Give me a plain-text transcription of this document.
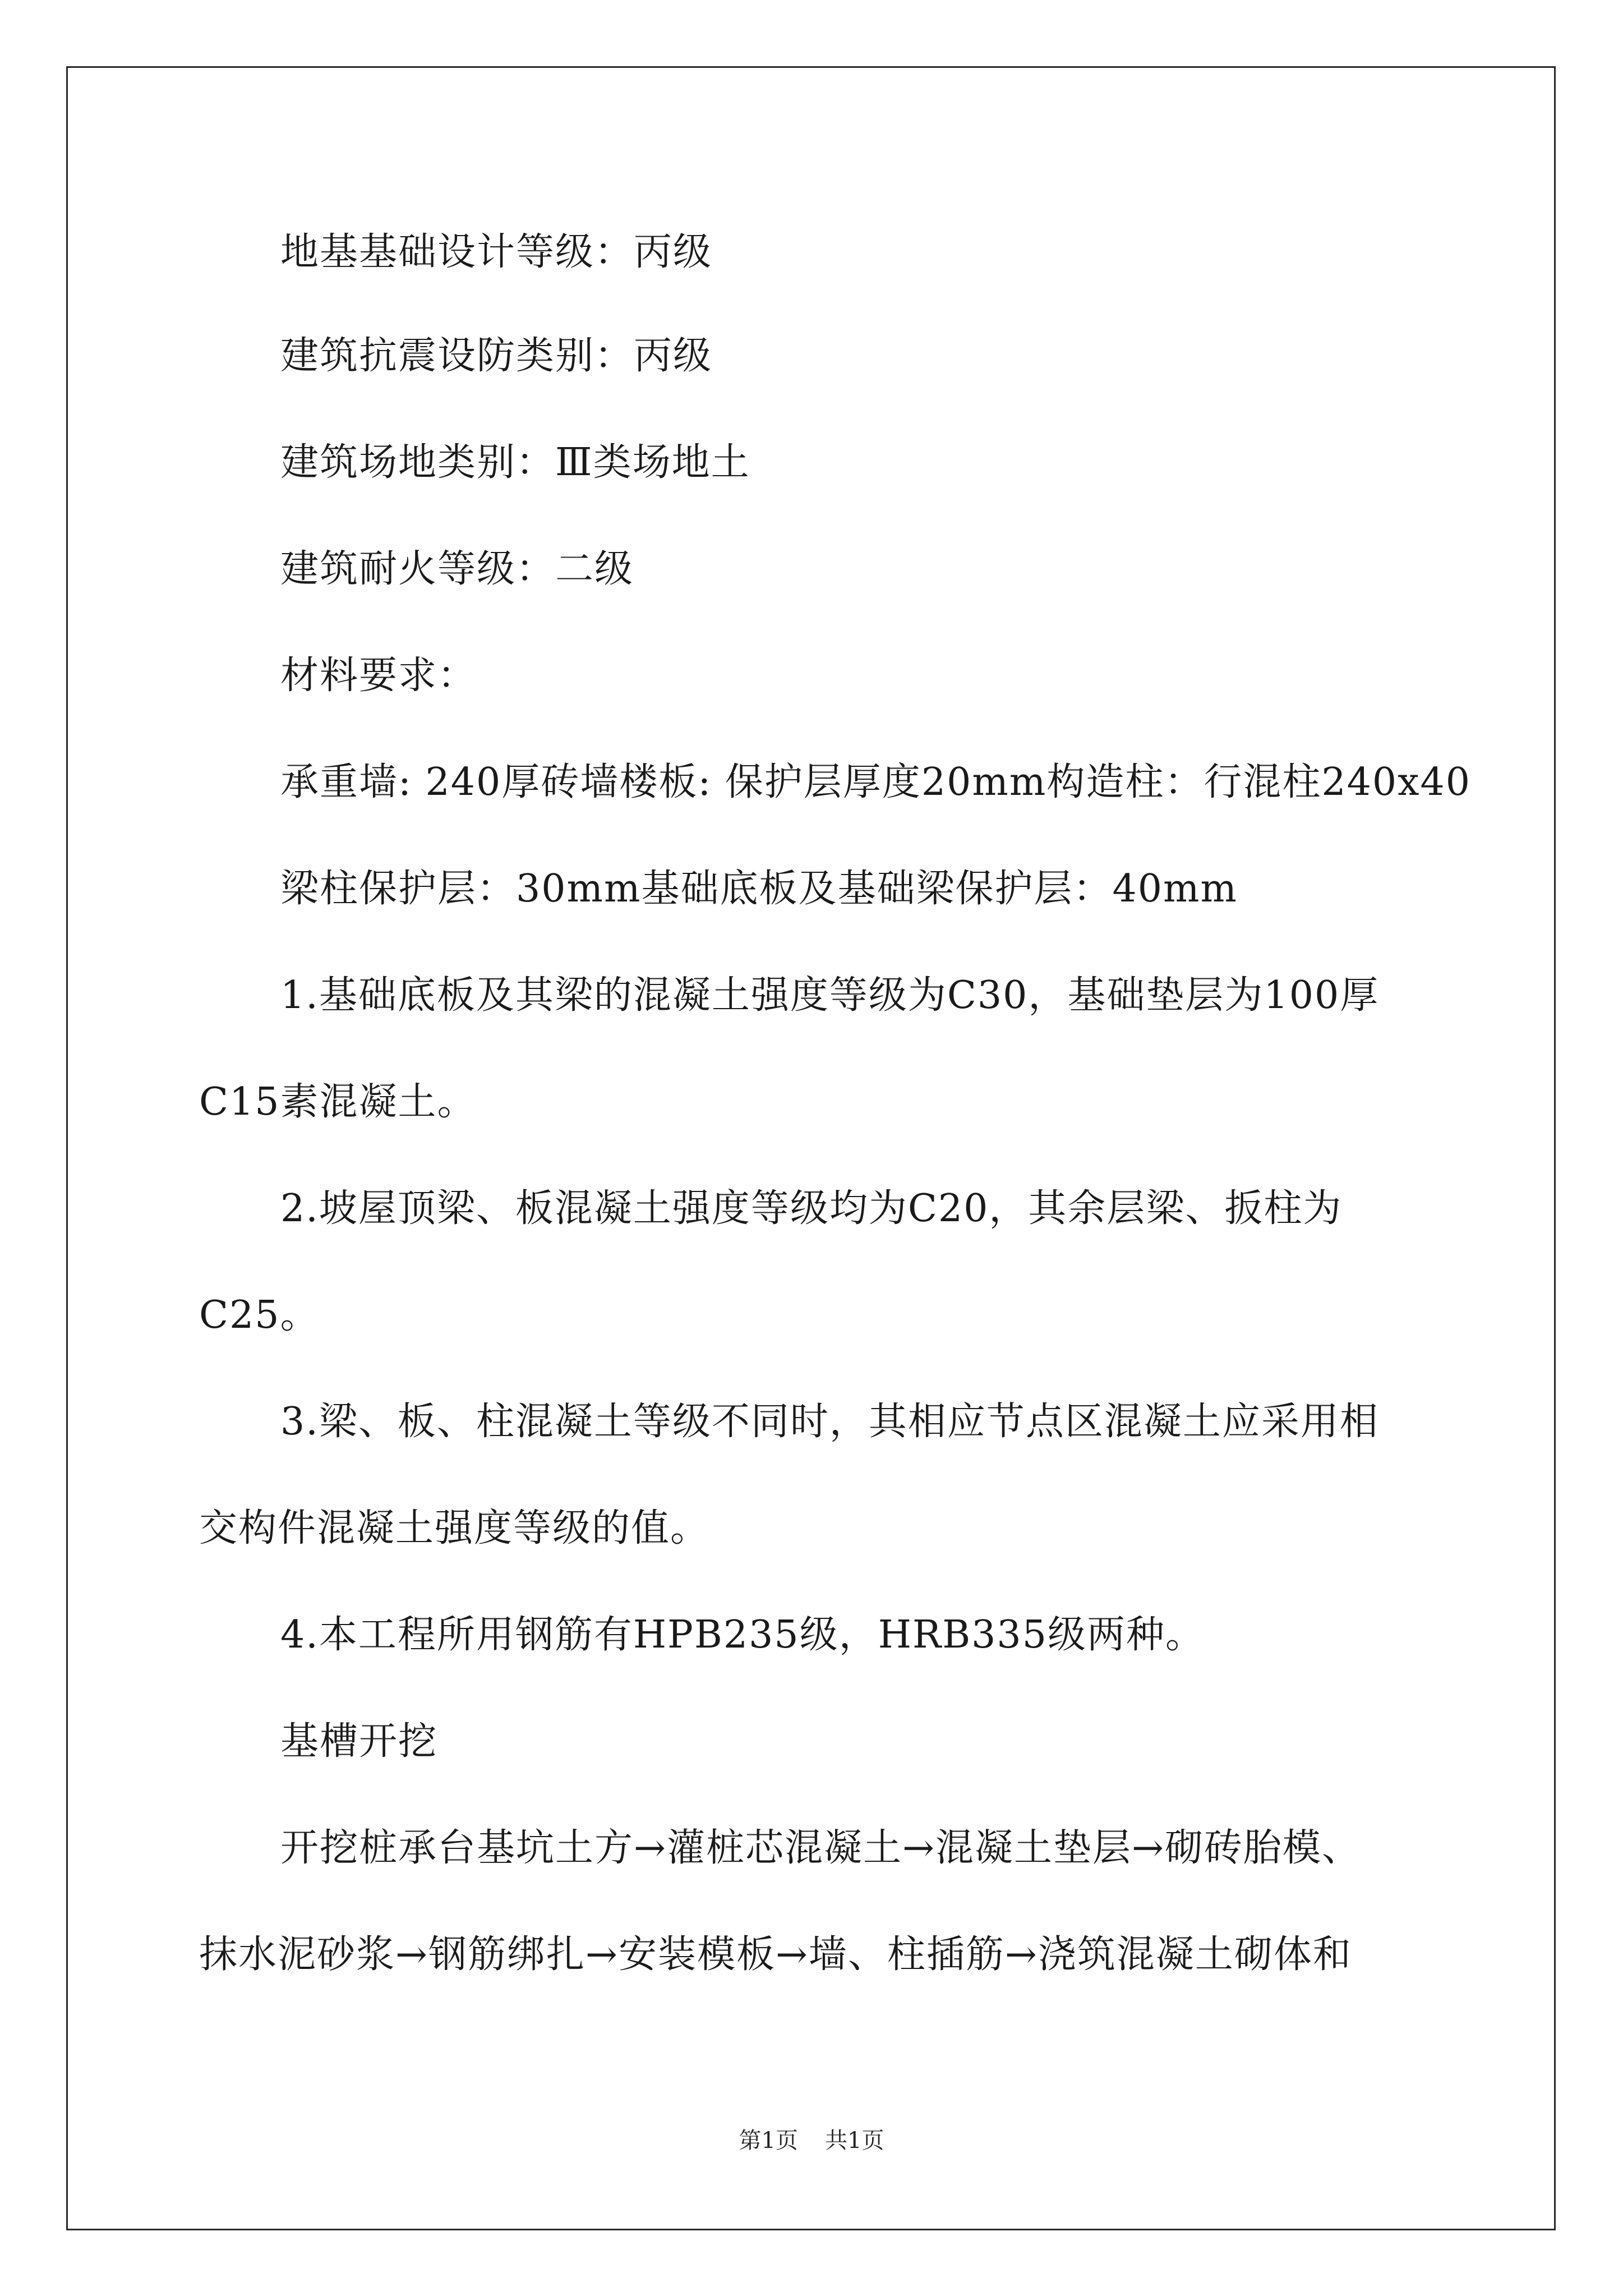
地基基础设计等级：丙级
建筑抗震设防类别：丙级
建筑场地类别：Ⅲ类场地土
建筑耐火等级：二级
材料要求：
承重墙: 240厚砖墙楼板: 保护层厚度20mm构造柱：行混柱240x40
梁柱保护层：30mm基础底板及基础梁保护层：40mm
1.基础底板及其梁的混凝土强度等级为C30，基础垫层为100厚
C15素混凝土。
2.坡屋顶梁、板混凝土强度等级均为C20，其余层梁、扳柱为
C25。
3.梁、板、柱混凝土等级不同时，其相应节点区混凝土应采用相
交构件混凝土强度等级的值。
4.本工程所用钢筋有HPB235级，HRB335级两种。
基槽开挖
开挖桩承台基坑土方→灌桩芯混凝土→混凝土垫层→砌砖胎模、
抹水泥砂浆→钢筋绑扎→安装模板→墙、柱插筋→浇筑混凝土砌体和
第1页 共1页
